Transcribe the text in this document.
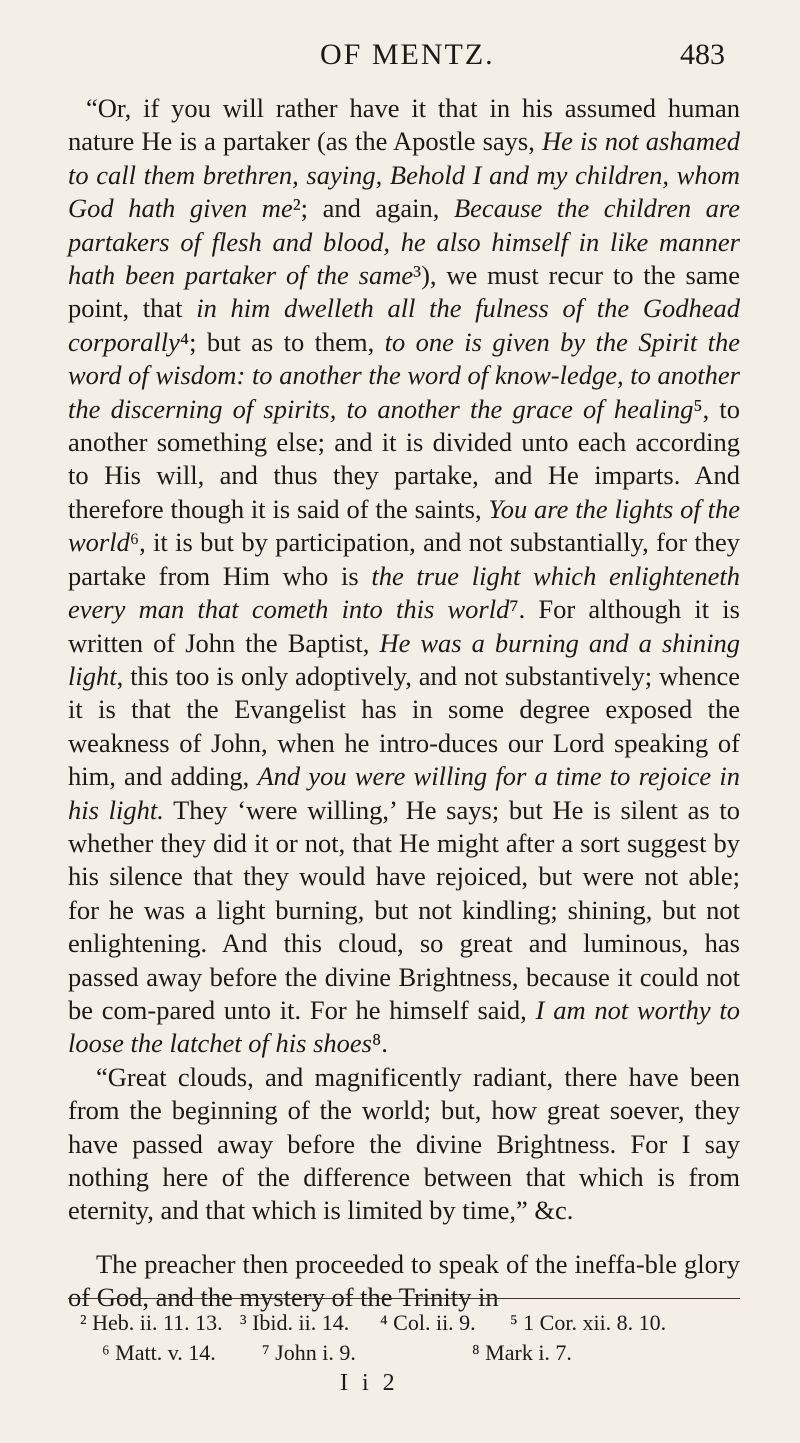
OF MENTZ.	483

“Or, if you will rather have it that in his assumed human nature He is a partaker (as the Apostle says, He is not ashamed to call them brethren, saying, Behold I and my children, whom God hath given me²; and again, Because the children are partakers of flesh and blood, he also himself in like manner hath been partaker of the same³), we must recur to the same point, that in him dwelleth all the fulness of the Godhead corporally⁴; but as to them, to one is given by the Spirit the word of wisdom: to another the word of know-ledge, to another the discerning of spirits, to another the grace of healing⁵, to another something else; and it is divided unto each according to His will, and thus they partake, and He imparts. And therefore though it is said of the saints, You are the lights of the world⁶, it is but by participation, and not substantially, for they partake from Him who is the true light which enlighteneth every man that cometh into this world⁷. For although it is written of John the Baptist, He was a burning and a shining light, this too is only adoptively, and not substantively; whence it is that the Evangelist has in some degree exposed the weakness of John, when he intro-duces our Lord speaking of him, and adding, And you were willing for a time to rejoice in his light. They ‘were willing,’ He says; but He is silent as to whether they did it or not, that He might after a sort suggest by his silence that they would have rejoiced, but were not able; for he was a light burning, but not kindling; shining, but not enlightening. And this cloud, so great and luminous, has passed away before the divine Brightness, because it could not be com-pared unto it. For he himself said, I am not worthy to loose the latchet of his shoes⁸.

“Great clouds, and magnificently radiant, there have been from the beginning of the world; but, how great soever, they have passed away before the divine Brightness. For I say nothing here of the difference between that which is from eternity, and that which is limited by time,” &c.

The preacher then proceeded to speak of the ineffa-ble glory of God, and the mystery of the Trinity in

² Heb. ii. 11. 13. ³ Ibid. ii. 14.	⁴ Col. ii. 9.	⁵ 1 Cor. xii. 8. 10.
⁶ Matt. v. 14.	⁷ John i. 9.	⁸ Mark i. 7.
I i 2
